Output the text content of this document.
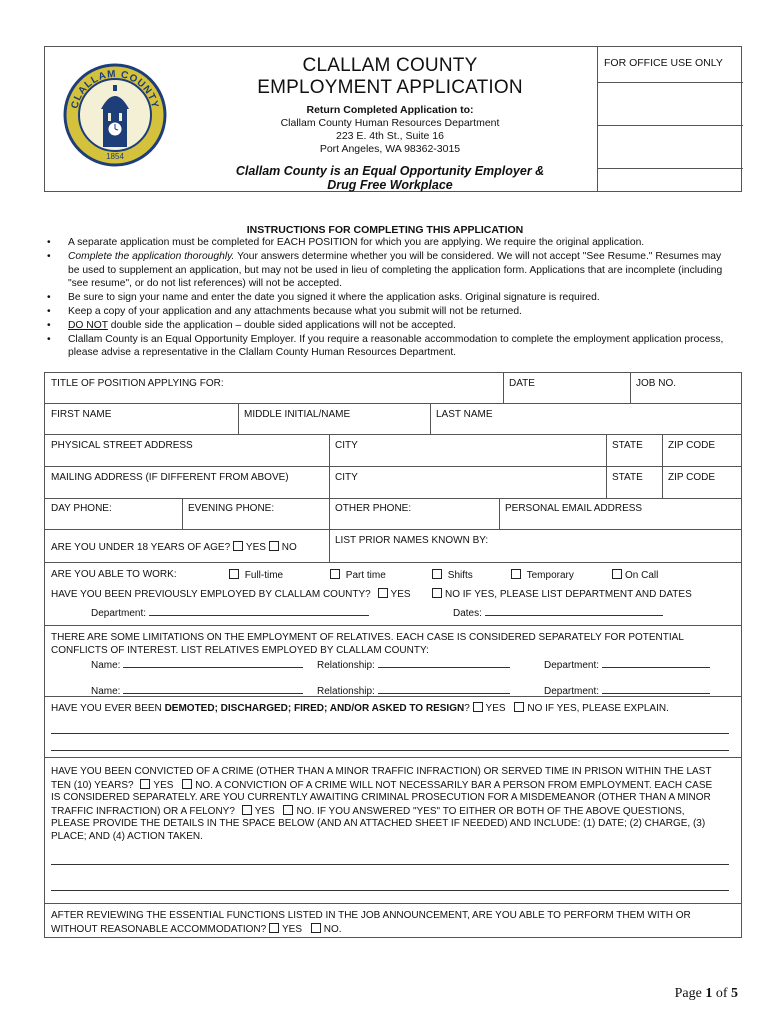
CLALLAM COUNTY
1854
CLALLAM COUNTY
EMPLOYMENT APPLICATION
Return Completed Application to:
Clallam County Human Resources Department
223 E. 4th St., Suite 16
Port Angeles, WA 98362-3015
Clallam County is an Equal Opportunity Employer &
Drug Free Workplace
FOR OFFICE USE ONLY
INSTRUCTIONS FOR COMPLETING THIS APPLICATION
• A separate application must be completed for EACH POSITION for which you are applying. We require the original application.
• Complete the application thoroughly. Your answers determine whether you will be considered. We will not accept "See Resume." Resumes may be used to supplement an application, but may not be used in lieu of completing the application form. Applications that are incomplete (including "see resume", or do not list references) will not be accepted.
• Be sure to sign your name and enter the date you signed it where the application asks. Original signature is required.
• Keep a copy of your application and any attachments because what you submit will not be returned.
• DO NOT double side the application – double sided applications will not be accepted.
• Clallam County is an Equal Opportunity Employer. If you require a reasonable accommodation to complete the employment application process, please advise a representative in the Clallam County Human Resources Department.
TITLE OF POSITION APPLYING FOR:	DATE	JOB NO.
FIRST NAME	MIDDLE INITIAL/NAME	LAST NAME
PHYSICAL STREET ADDRESS	CITY	STATE	ZIP CODE
MAILING ADDRESS (IF DIFFERENT FROM ABOVE)	CITY	STATE	ZIP CODE
DAY PHONE:	EVENING PHONE:	OTHER PHONE:	PERSONAL EMAIL ADDRESS
ARE YOU UNDER 18 YEARS OF AGE? YES NO
LIST PRIOR NAMES KNOWN BY:
ARE YOU ABLE TO WORK:	Full-time	Part time	Shifts	Temporary	On Call
HAVE YOU BEEN PREVIOUSLY EMPLOYED BY CLALLAM COUNTY? YES	NO IF YES, PLEASE LIST DEPARTMENT AND DATES
Department:	Dates:
THERE ARE SOME LIMITATIONS ON THE EMPLOYMENT OF RELATIVES. EACH CASE IS CONSIDERED SEPARATELY FOR POTENTIAL
CONFLICTS OF INTEREST. LIST RELATIVES EMPLOYED BY CLALLAM COUNTY:
Name:	Relationship:	Department:
Name:	Relationship:	Department:
HAVE YOU EVER BEEN DEMOTED; DISCHARGED; FIRED; AND/OR ASKED TO RESIGN? YES NO IF YES, PLEASE EXPLAIN.
HAVE YOU BEEN CONVICTED OF A CRIME (OTHER THAN A MINOR TRAFFIC INFRACTION) OR SERVED TIME IN PRISON WITHIN THE LAST
TEN (10) YEARS? YES NO. A CONVICTION OF A CRIME WILL NOT NECESSARILY BAR A PERSON FROM EMPLOYMENT. EACH CASE
IS CONSIDERED SEPARATELY. ARE YOU CURRENTLY AWAITING CRIMINAL PROSECUTION FOR A MISDEMEANOR (OTHER THAN A MINOR
TRAFFIC INFRACTION) OR A FELONY? YES NO. IF YOU ANSWERED "YES" TO EITHER OR BOTH OF THE ABOVE QUESTIONS,
PLEASE PROVIDE THE DETAILS IN THE SPACE BELOW (AND AN ATTACHED SHEET IF NEEDED) AND INCLUDE: (1) DATE; (2) CHARGE, (3)
PLACE; AND (4) ACTION TAKEN.
AFTER REVIEWING THE ESSENTIAL FUNCTIONS LISTED IN THE JOB ANNOUNCEMENT, ARE YOU ABLE TO PERFORM THEM WITH OR
WITHOUT REASONABLE ACCOMMODATION? YES NO.
Page 1 of 5
